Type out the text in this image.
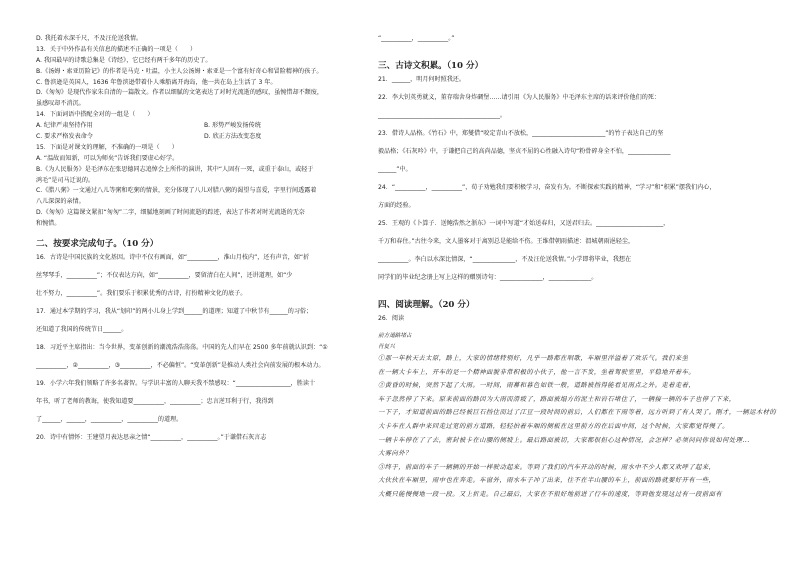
D. 我托着水深千尺，不及汪伦送我情。
13．关于中外作品有关信息的描述不正确的一项是（　　）
A. 我国最早的诗歌总集是《诗经》，它已经有两千多年的历史了。
B.《汤姆・索亚历险记》的作者是马克・吐温，小主人公汤姆・索亚是一个富有好奇心和冒险精神的孩子。
C. 鲁滨逊是英国人，1636 年鲁滨逊带着仆人乘船离开海岛，他一共在岛上生活了 3 年。
D.《匆匆》是现代作家朱自清的一篇散文。作者以细腻的文笔表达了对时光流逝的感叹，虽惋惜却不颓废，
虽感叹却不消沉。
14．下面词语中搭配全对的一组是（　　）
A. 纪律严肃坚持作用	B. 形势严峻发扬传统
C. 要求严格发表命令	D. 欣正方法改变态度
15．下面是对课文的理解，不准确的一项是（　　）
A. “温故而知新，可以为师矣”告诉我们要虚心好学。
B.《为人民服务》是毛泽东在张思德同志追悼会上所作的演讲，其中“人固有一死，或重于泰山，或轻于
鸿毛”是司马迁说的。
C.《腊八粥》一文通过八儿等粥和吃粥的情景，充分体现了八儿对腊八粥的渴望与喜爱，字里行间透露着
八儿深深的亲情。
D.《匆匆》这篇课文紧扣“匆匆”二字，细腻地刻画了时间流逝的踪迹，表达了作者对时光流逝的无奈
和惋惜。
二、按要求完成句子。（10 分）
16．古诗是中国民族的文化基因。诗中不仅有画面，如“__________，淮山月枝内”，还有声音，如“折
丝琴琴手，__________”；不仅表达方向，如“__________，要留清白在人间”，还讲道理，如“少
壮不努力，__________”。我们要乐于积累优秀的古诗，打扮精神文化的底子。
17．通过本学期的学习，我从“划印”的两小儿身上学到______的道理；知道了中秋节有______的习俗；
还知道了我国的传统节日______。
18．习近平主席指出：当今世界，变革创新的潮流浩浩荡荡。中国的先人们早在 2500 多年前就认识到：“①
__________，②__________，③__________，不必偏恒”。“变革创新”是推动人类社会向前发展的根本动力。
19．小学六年我们领略了许多名著智。与学识丰富的人聊天我不禁感叹：“__________________，胜读十
年书，听了老师的教诲，使我知道要__________，__________；忠言逆耳利于行，我得到
了______，______，__________，__________的道理。
20．诗中有情怀：王建望月表达思亲之情“__________，__________。”于谦借石灰言志
“__________，__________。”
三、古诗文积累。（10 分）
21．______，明月何时照我还。
22．李大钊英勇就义，董存瑞舍身炸碉堡……请引用《为人民服务》中毛泽东主席的话来评价他们的死：
________________________________________。
23．借诗人品格。《竹石》中，郑燮借“咬定青山不放松，________________________”的竹子表达自己的坚
毅品格；《石灰吟》中，于谦把自己的高尚品德，坚贞不屈的心性融入诗句“粉骨碎身全不怕，______________
______”中。
24．“__________，__________”，荀子劝勉我们要积极学习，奋发有为。不断探索实践的精神，“学习”和“积累”摆我们内心，
方面的经验。
25．王观的《卜算子．送鲍浩然之浙东》一词中写道“才始送春归，又送君归去。______________________，
千万和春住。”古往今来，文人墨客对于离别总是能给不伤。王维借朝雨描述：渭城朝雨浥轻尘，
__________。李白以水深比情深，“______________，不及汪伦送我情。”小学即将毕业，我想在
同学们的毕业纪念册上写上这样的赠别诗句：______________，______________。
四、阅读理解。（20 分）
26．阅读
前方道路堵占
肖复兴
①那一年秋天去太原，路上，大家的情绪特别好，凡乎一路都在唱歌，车厢里洋溢着了欢乐气。我们来坐
在一辆大卡车上，开车的是一个精神面貌非常积极的小伙子，他一言不发，坐着驾驶室里，平稳地开着车。
②黄昏的时候，突然下起了大雨。一时间，雨幕和暮色如铁一般，道路被挡得能看见雨点之外。走着走着，
车子忽然停了下来。原来前面的路因为大雨而滑坡了，路面被塌方的泥土和岩石堵住了，一辆接一辆的车子也停了下来，
一下子，才知道前面的路已经被巨石挡住而过了江豆一段时间的前后，人们都在下雨等着，远方听到了有人哭了。刚才，一辆运木材的
大卡车在人群中来回走过宽的前方道路，轻轻拍着车厢的侧板在这里前方的在后面中间，这个时候，大家都觉得慢了。
一辆卡车停在了了去，密封被卡在山腰的侧坡上。最后路面被切，大家都很担心这种情况，会怎样？必须问问你说如何处理...
大雾向外？
③终于，前面的车子一辆辆的开始一样驶动起来。等到了我们的汽车开动的时候，雨水中不少人都又欢呼了起来，
大伙伙在车厢里，雨中也在奔走。车窗外，雨水车子冲了出来，往不在半山腰的车上，前面的路就要好开有一些，
大概只能慢慢地一段一段。又上折走。自己最后，大家在不很好地前进了行车的速度，等到他发现这过有一段前面有
